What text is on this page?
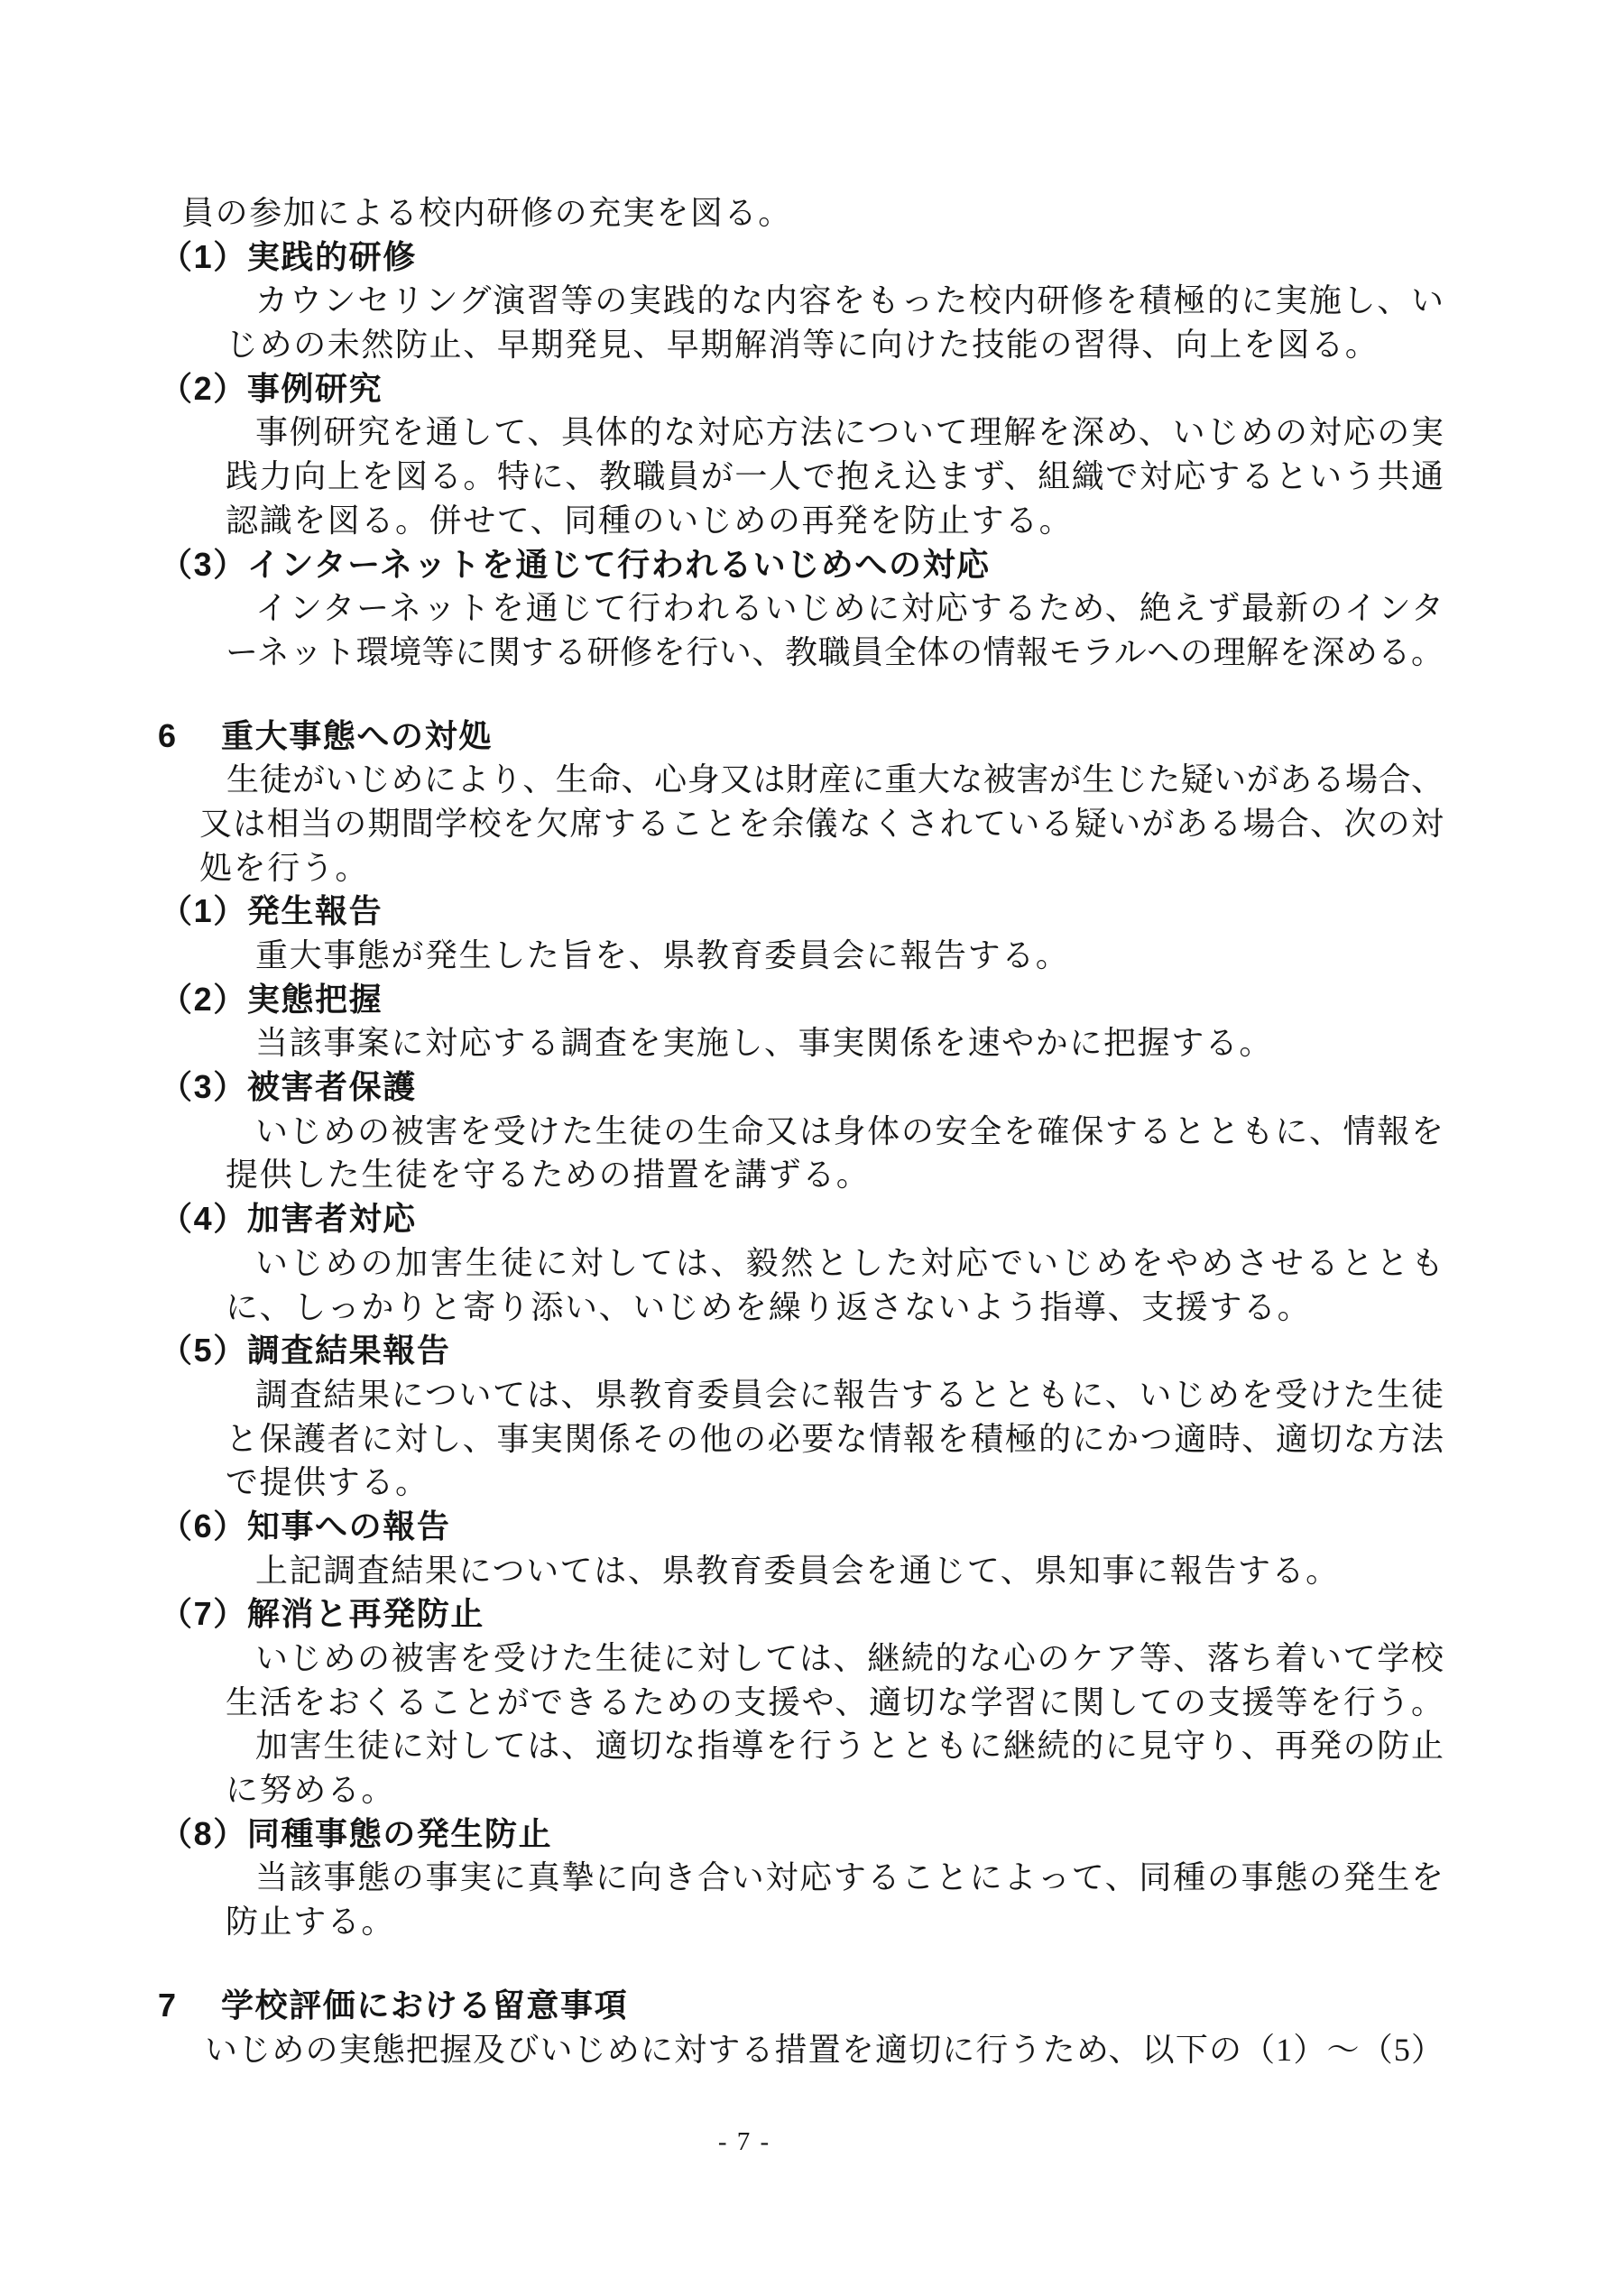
員の参加による校内研修の充実を図る。
（1）実践的研修
カウンセリング演習等の実践的な内容をもった校内研修を積極的に実施し、い
じめの未然防止、早期発見、早期解消等に向けた技能の習得、向上を図る。
（2）事例研究
事例研究を通して、具体的な対応方法について理解を深め、いじめの対応の実
践力向上を図る。特に、教職員が一人で抱え込まず、組織で対応するという共通
認識を図る。併せて、同種のいじめの再発を防止する。
（3）インターネットを通じて行われるいじめへの対応
インターネットを通じて行われるいじめに対応するため、絶えず最新のインタ
ーネット環境等に関する研修を行い、教職員全体の情報モラルへの理解を深める。
6 重大事態への対処
生徒がいじめにより、生命、心身又は財産に重大な被害が生じた疑いがある場合、
又は相当の期間学校を欠席することを余儀なくされている疑いがある場合、次の対
処を行う。
（1）発生報告
重大事態が発生した旨を、県教育委員会に報告する。
（2）実態把握
当該事案に対応する調査を実施し、事実関係を速やかに把握する。
（3）被害者保護
いじめの被害を受けた生徒の生命又は身体の安全を確保するとともに、情報を
提供した生徒を守るための措置を講ずる。
（4）加害者対応
いじめの加害生徒に対しては、毅然とした対応でいじめをやめさせるととも
に、しっかりと寄り添い、いじめを繰り返さないよう指導、支援する。
（5）調査結果報告
調査結果については、県教育委員会に報告するとともに、いじめを受けた生徒
と保護者に対し、事実関係その他の必要な情報を積極的にかつ適時、適切な方法
で提供する。
（6）知事への報告
上記調査結果については、県教育委員会を通じて、県知事に報告する。
（7）解消と再発防止
いじめの被害を受けた生徒に対しては、継続的な心のケア等、落ち着いて学校
生活をおくることができるための支援や、適切な学習に関しての支援等を行う。
加害生徒に対しては、適切な指導を行うとともに継続的に見守り、再発の防止
に努める。
（8）同種事態の発生防止
当該事態の事実に真摯に向き合い対応することによって、同種の事態の発生を
防止する。
7 学校評価における留意事項
いじめの実態把握及びいじめに対する措置を適切に行うため、以下の（1）～（5）
- 7 -
